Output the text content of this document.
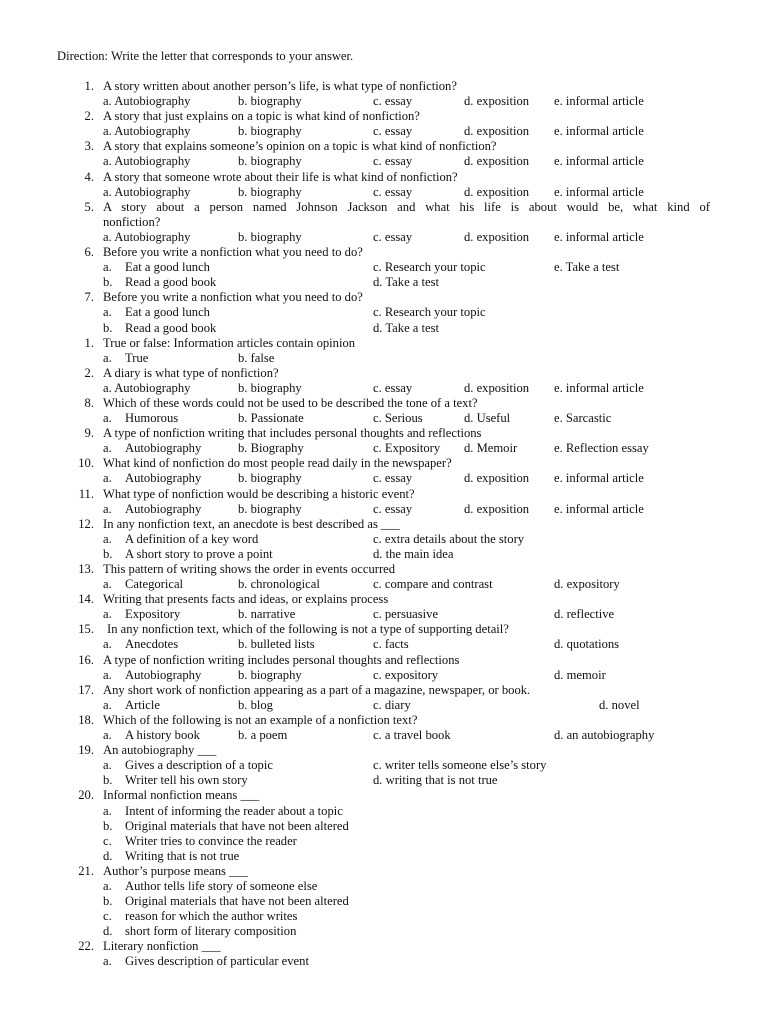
Direction: Write the letter that corresponds to your answer.
1. A story written about another person’s life, is what type of nonfiction?
a. Autobiography	b. biography	c. essay	d. exposition e. informal article
2. A story that just explains on a topic is what kind of nonfiction?
a. Autobiography	b. biography	c. essay	d. exposition e. informal article
3. A story that explains someone’s opinion on a topic is what kind of nonfiction?
a. Autobiography	b. biography	c. essay	d. exposition e. informal article
4. A story that someone wrote about their life is what kind of nonfiction?
a. Autobiography	b. biography	c. essay	d. exposition e. informal article
5. A story about a person named Johnson Jackson and what his life is about would be, what kind of
nonfiction?
a. Autobiography	b. biography	c. essay	d. exposition e. informal article
6. Before you write a nonfiction what you need to do?
a. Eat a good lunch	c. Research your topic	e. Take a test
b. Read a good book	d. Take a test
7. Before you write a nonfiction what you need to do?
a. Eat a good lunch	c. Research your topic
b. Read a good book	d. Take a test
1. True or false: Information articles contain opinion
a. True	b. false
2. A diary is what type of nonfiction?
a. Autobiography	b. biography	c. essay	d. exposition e. informal article
8. Which of these words could not be used to be described the tone of a text?
a. Humorous	b. Passionate	c. Serious	d. Useful	e. Sarcastic
9. A type of nonfiction writing that includes personal thoughts and reflections
a. Autobiography	b. Biography	c. Expository d. Memoir	e. Reflection essay
10. What kind of nonfiction do most people read daily in the newspaper?
a. Autobiography	b. biography	c. essay	d. exposition e. informal article
11. What type of nonfiction would be describing a historic event?
a. Autobiography	b. biography	c. essay	d. exposition e. informal article
12. In any nonfiction text, an anecdote is best described as ___
a. A definition of a key word	c. extra details about the story
b. A short story to prove a point	d. the main idea
13. This pattern of writing shows the order in events occurred
a. Categorical	b. chronological	c. compare and contrast	d. expository
14. Writing that presents facts and ideas, or explains process
a. Expository	b. narrative	c. persuasive	d. reflective
15. In any nonfiction text, which of the following is not a type of supporting detail?
a. Anecdotes	b. bulleted lists	c. facts	d. quotations
16. A type of nonfiction writing includes personal thoughts and reflections
a. Autobiography	b. biography	c. expository	d. memoir
17. Any short work of nonfiction appearing as a part of a magazine, newspaper, or book.
a. Article	b. blog	c. diary	d. novel
18. Which of the following is not an example of a nonfiction text?
a. A history book	b. a poem	c. a travel book	d. an autobiography
19. An autobiography ___
a. Gives a description of a topic	c. writer tells someone else’s story
b. Writer tell his own story	d. writing that is not true
20. Informal nonfiction means ___
a. Intent of informing the reader about a topic
b. Original materials that have not been altered
c. Writer tries to convince the reader
d. Writing that is not true
21. Author’s purpose means ___
a. Author tells life story of someone else
b. Original materials that have not been altered
c. reason for which the author writes
d. short form of literary composition
22. Literary nonfiction ___
a. Gives description of particular event
